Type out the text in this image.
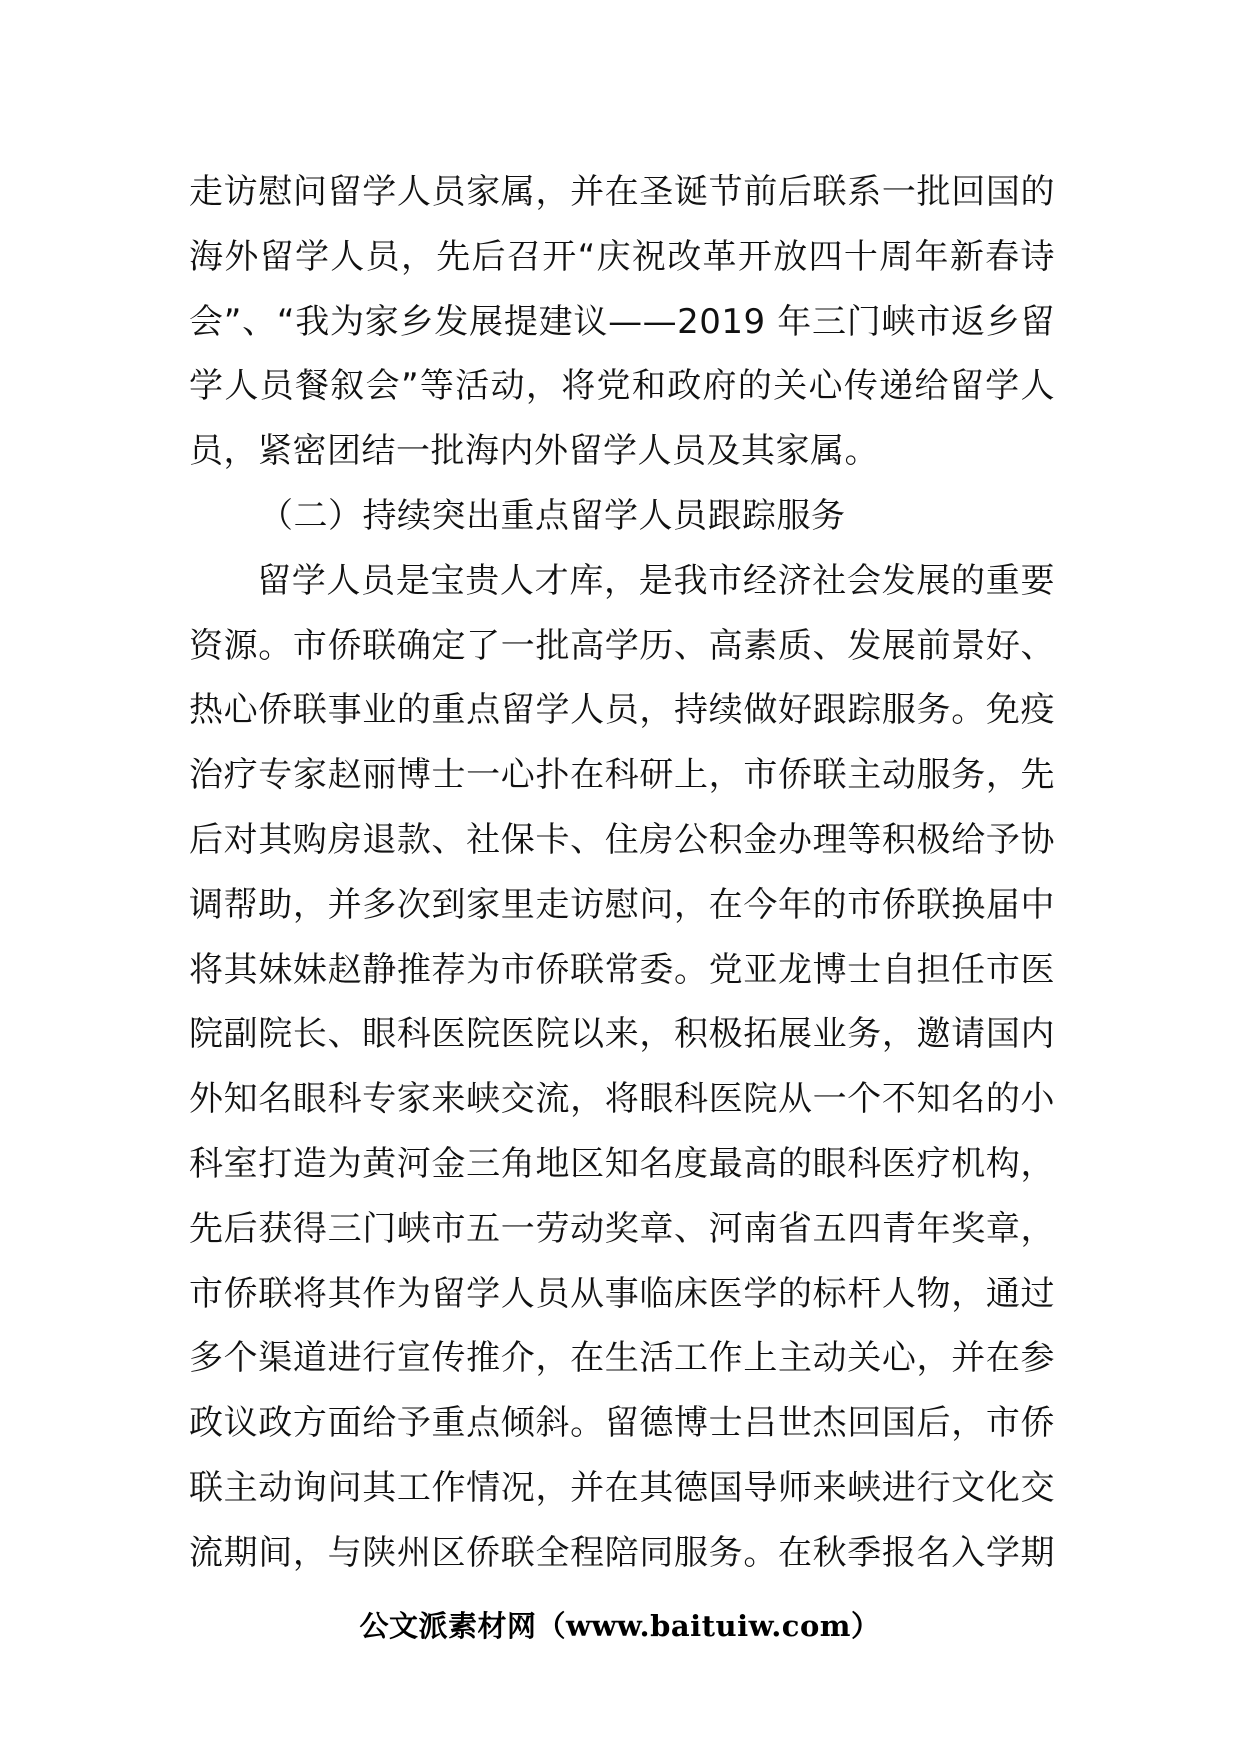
走访慰问留学人员家属，并在圣诞节前后联系一批回国的
海外留学人员，先后召开“庆祝改革开放四十周年新春诗
会”、“我为家乡发展提建议——2019 年三门峡市返乡留
学人员餐叙会”等活动，将党和政府的关心传递给留学人
员，紧密团结一批海内外留学人员及其家属。
（二）持续突出重点留学人员跟踪服务
留学人员是宝贵人才库，是我市经济社会发展的重要
资源。市侨联确定了一批高学历、高素质、发展前景好、
热心侨联事业的重点留学人员，持续做好跟踪服务。免疫
治疗专家赵丽博士一心扑在科研上，市侨联主动服务，先
后对其购房退款、社保卡、住房公积金办理等积极给予协
调帮助，并多次到家里走访慰问，在今年的市侨联换届中
将其妹妹赵静推荐为市侨联常委。党亚龙博士自担任市医
院副院长、眼科医院医院以来，积极拓展业务，邀请国内
外知名眼科专家来峡交流，将眼科医院从一个不知名的小
科室打造为黄河金三角地区知名度最高的眼科医疗机构，
先后获得三门峡市五一劳动奖章、河南省五四青年奖章，
市侨联将其作为留学人员从事临床医学的标杆人物，通过
多个渠道进行宣传推介，在生活工作上主动关心，并在参
政议政方面给予重点倾斜。留德博士吕世杰回国后，市侨
联主动询问其工作情况，并在其德国导师来峡进行文化交
流期间，与陕州区侨联全程陪同服务。在秋季报名入学期
公文派素材网（www.baituiw.com）
